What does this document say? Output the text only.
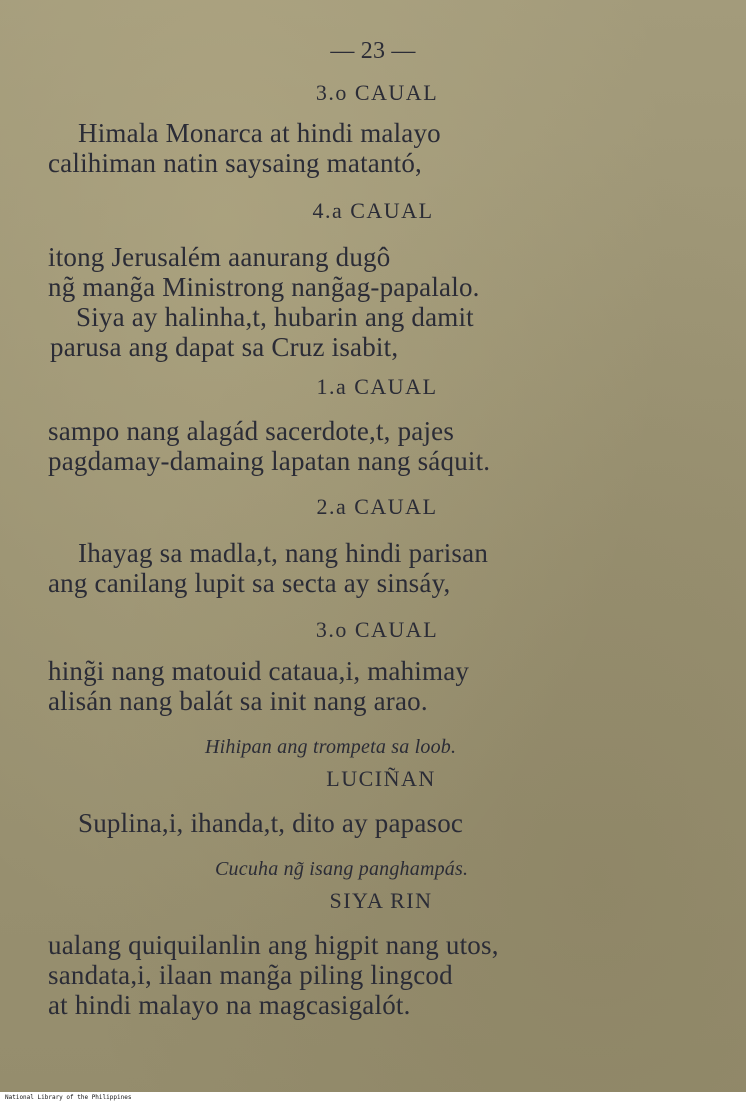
— 23 —
3.o CAUAL
Himala Monarca at hindi malayo
calihiman natin saysaing matantó,
4.a CAUAL
itong Jerusalém aanurang dugô
ng̃ mang̃a Ministrong nang̃ag-papalalo.
Siya ay halinha,t, hubarin ang damit
parusa ang dapat sa Cruz isabit,
1.a CAUAL
sampo nang alagád sacerdote,t, pajes
pagdamay-damaing lapatan nang sáquit.
2.a CAUAL
Ihayag sa madla,t, nang hindi parisan
ang canilang lupit sa secta ay sinsáy,
3.o CAUAL
hing̃i nang matouid cataua,i, mahimay
alisán nang balát sa init nang arao.
Hihipan ang trompeta sa loob.
LUCIÑAN
Suplina,i, ihanda,t, dito ay papasoc
Cucuha ng̃ isang panghampás.
SIYA RIN
ualang quiquilanlin ang higpit nang utos,
sandata,i, ilaan mang̃a piling lingcod
at hindi malayo na magcasigalót.
National Library of the Philippines
